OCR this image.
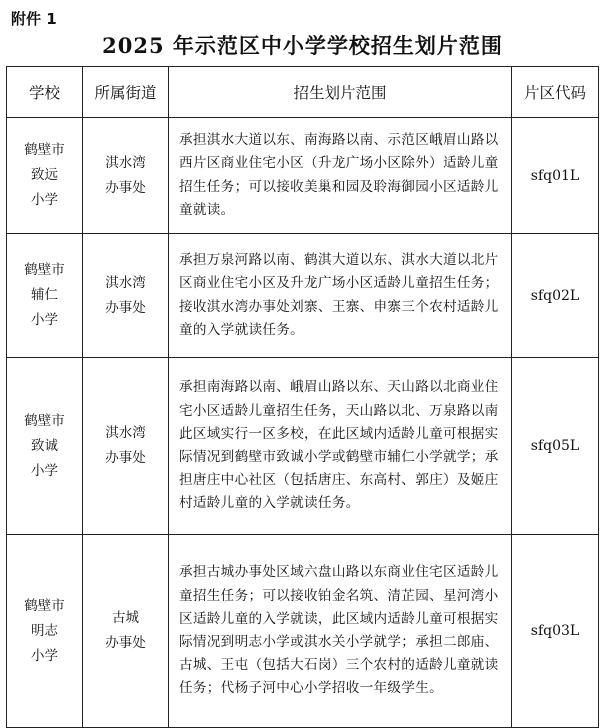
附件 1
2025 年示范区中小学学校招生划片范围
学校	所属街道	招生划片范围	片区代码

鹤壁市
致远
小学	淇水湾
办事处	承担淇水大道以东、南海路以南、示范区峨眉山路以西片区商业住宅小区（升龙广场小区除外）适龄儿童招生任务；可以接收美巢和园及聆海御园小区适龄儿童就读。	sfq01L

鹤壁市
辅仁
小学	淇水湾
办事处	承担万泉河路以南、鹤淇大道以东、淇水大道以北片区商业住宅小区及升龙广场小区适龄儿童招生任务；接收淇水湾办事处刘寨、王寨、申寨三个农村适龄儿童的入学就读任务。	sfq02L

鹤壁市
致诚
小学	淇水湾
办事处	承担南海路以南、峨眉山路以东、天山路以北商业住宅小区适龄儿童招生任务，天山路以北、万泉路以南此区域实行一区多校，在此区域内适龄儿童可根据实际情况到鹤壁市致诚小学或鹤壁市辅仁小学就学；承担唐庄中心社区（包括唐庄、东高村、郭庄）及姬庄村适龄儿童的入学就读任务。	sfq05L

鹤壁市
明志
小学	古城
办事处	承担古城办事处区域六盘山路以东商业住宅区适龄儿童招生任务；可以接收铂金名筑、清芷园、星河湾小区适龄儿童的入学就读，此区域内适龄儿童可根据实际情况到明志小学或淇水关小学就学；承担二郎庙、古城、王屯（包括大石岗）三个农村的适龄儿童就读任务；代杨子河中心小学招收一年级学生。	sfq03L
